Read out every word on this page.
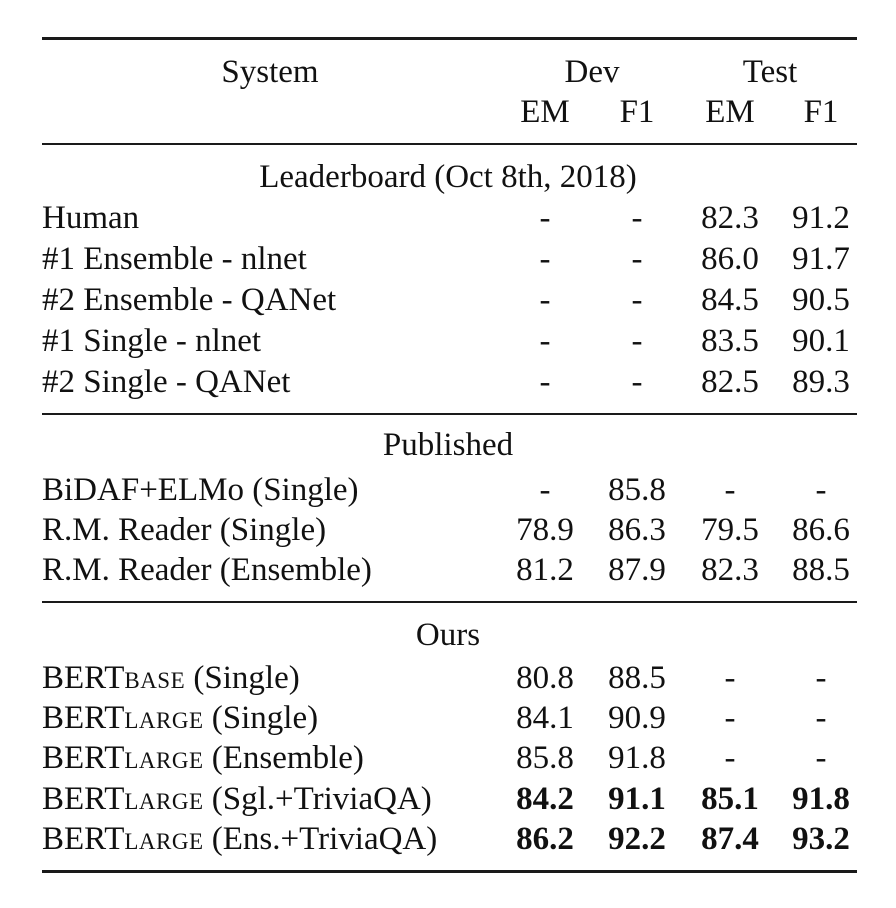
System	Dev	Test
EM F1 EM F1
Leaderboard (Oct 8th, 2018)
Human	- - 82.3 91.2
#1 Ensemble - nlnet	- - 86.0 91.7
#2 Ensemble - QANet	- - 84.5 90.5
#1 Single - nlnet	- - 83.5 90.1
#2 Single - QANet	- - 82.5 89.3
Published
BiDAF+ELMo (Single)	- 85.8 - -
R.M. Reader (Single)	78.9 86.3 79.5 86.6
R.M. Reader (Ensemble)	81.2 87.9 82.3 88.5
Ours
BERTBASE (Single)	80.8 88.5 - -
BERTLARGE (Single)	84.1 90.9 - -
BERTLARGE (Ensemble)	85.8 91.8 - -
BERTLARGE (Sgl.+TriviaQA)	84.2 91.1 85.1 91.8
BERTLARGE (Ens.+TriviaQA) 86.2 92.2 87.4 93.2
